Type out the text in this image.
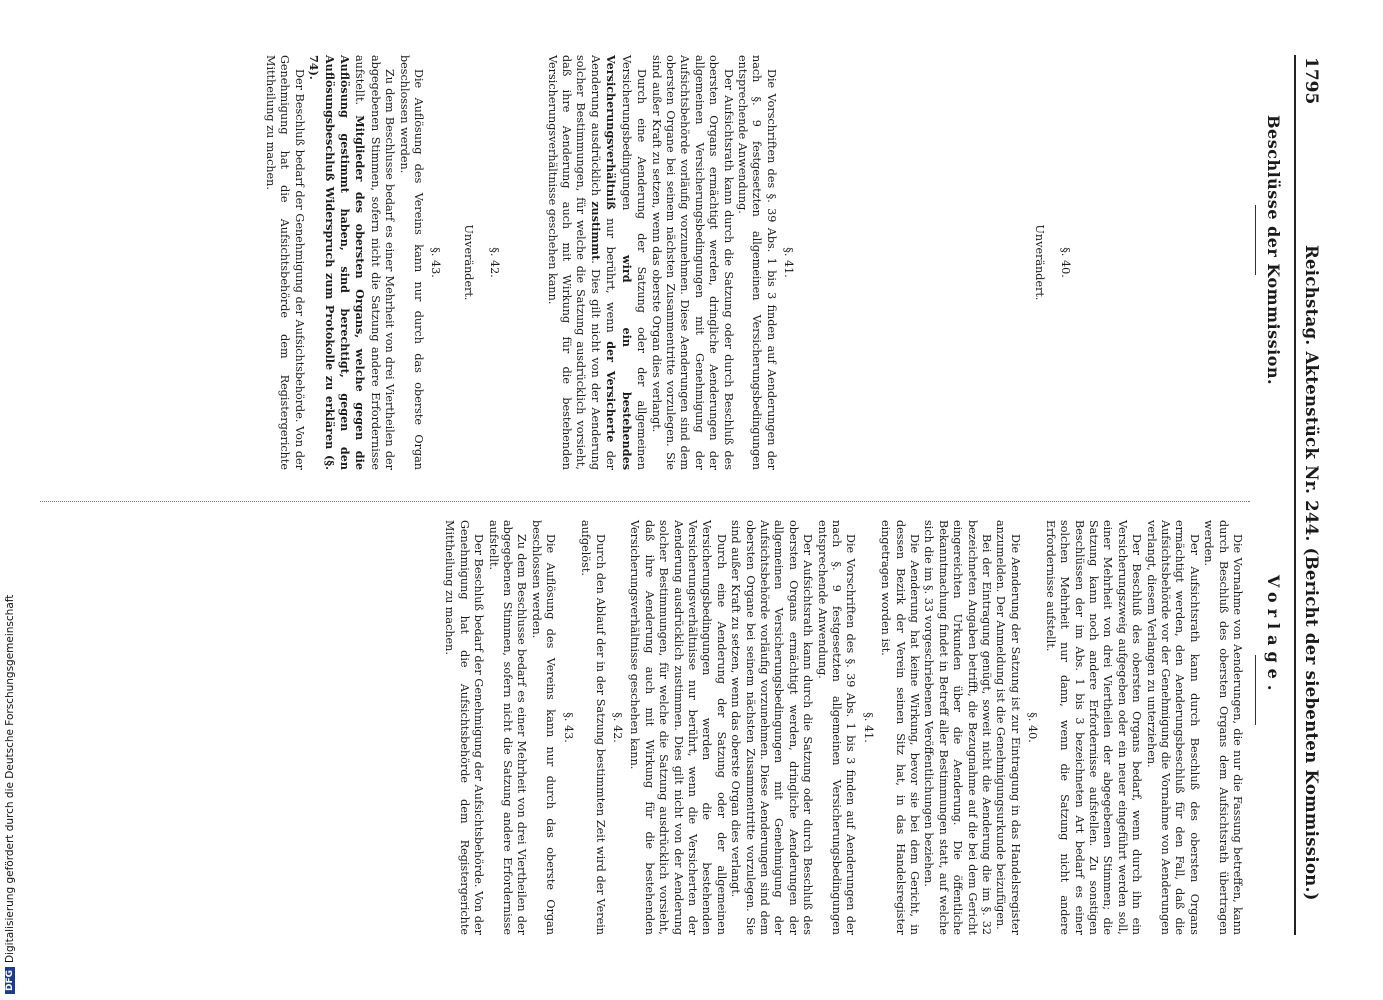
1795
Reichstag. Aktenstück Nr. 244. (Bericht der siebenten Kommission.)
Beschlüsse der Kommission.
Vorlage.
§. 40.
Unverändert.
§. 41.

Die Vorschriften des §. 39 Abs. 1 bis 3 finden auf Aenderungen der nach §. 9 festgesetzten allgemeinen Versicherungsbedingungen entsprechende Anwendung.

Der Aufsichtsrath kann durch die Satzung oder durch Beschluß des obersten Organs ermächtigt werden, dringliche Aenderungen der allgemeinen Versicherungsbedingungen mit Genehmigung der Aufsichtsbehörde vorläufig vorzunehmen. Diese Aenderungen sind dem obersten Organe bei seinem nächsten Zusammentritte vorzulegen. Sie sind außer Kraft zu setzen, wenn das oberste Organ dies verlangt.

Durch eine Aenderung der Satzung oder der allgemeinen Versicherungsbedingungen wird ein bestehendes Versicherungsverhältniß nur berührt, wenn der Versicherte der Aenderung ausdrücklich zustimmt. Dies gilt nicht von der Aenderung solcher Bestimmungen, für welche die Satzung ausdrücklich vorsieht, daß ihre Aenderung auch mit Wirkung für die bestehenden Versicherungsverhältnisse geschehen kann.

§. 42.
Unverändert.
§. 43.

Die Auflösung des Vereins kann nur durch das oberste Organ beschlossen werden.

Zu dem Beschlusse bedarf es einer Mehrheit von drei Viertheilen der abgegebenen Stimmen, sofern nicht die Satzung andere Erfordernisse aufstellt. Mitglieder des obersten Organs, welche gegen die Auflösung gestimmt haben, sind berechtigt, gegen den Auflösungsbeschluß Widerspruch zum Protokolle zu erklären (§. 74).

Der Beschluß bedarf der Genehmigung der Aufsichtsbehörde. Von der Genehmigung hat die Aufsichtsbehörde dem Registergerichte Mittheilung zu machen.

Die Vornahme von Aenderungen, die nur die Fassung betreffen, kann durch Beschluß des obersten Organs dem Aufsichtsrath übertragen werden.

Der Aufsichtsrath kann durch Beschluß des obersten Organs ermächtigt werden, den Aenderungsbeschluß für den Fall, daß die Aufsichtsbehörde vor der Genehmigung die Vornahme von Aenderungen verlangt, diesem Verlangen zu unterziehen.

Der Beschluß des obersten Organs bedarf, wenn durch ihn ein Versicherungszweig aufgegeben oder ein neuer eingeführt werden soll, einer Mehrheit von drei Viertheilen der abgegebenen Stimmen; die Satzung kann noch andere Erfordernisse aufstellen. Zu sonstigen Beschlüssen der im Abs. 1 bis 3 bezeichneten Art bedarf es einer solchen Mehrheit nur dann, wenn die Satzung nicht andere Erfordernisse aufstellt.

§. 40.

Die Aenderung der Satzung ist zur Eintragung in das Handelsregister anzumelden. Der Anmeldung ist die Genehmigungsurkunde beizufügen.

Bei der Eintragung genügt, soweit nicht die Aenderung die im §. 32 bezeichneten Angaben betrifft, die Bezugnahme auf die bei dem Gericht eingereichten Urkunden über die Aenderung. Die öffentliche Bekanntmachung findet in Betreff aller Bestimmungen statt, auf welche sich die im §. 33 vorgeschriebenen Veröffentlichungen beziehen.

Die Aenderung hat keine Wirkung, bevor sie bei dem Gericht, in dessen Bezirk der Verein seinen Sitz hat, in das Handelsregister eingetragen worden ist.

§. 41.

Die Vorschriften des §. 39 Abs. 1 bis 3 finden auf Aenderungen der nach §. 9 festgesetzten allgemeinen Versicherungsbedingungen entsprechende Anwendung.

Der Aufsichtsrath kann durch die Satzung oder durch Beschluß des obersten Organs ermächtigt werden, dringliche Aenderungen der allgemeinen Versicherungsbedingungen mit Genehmigung der Aufsichtsbehörde vorläufig vorzunehmen. Diese Aenderungen sind dem obersten Organe bei seinem nächsten Zusammentritte vorzulegen. Sie sind außer Kraft zu setzen, wenn das oberste Organ dies verlangt.

Durch eine Aenderung der Satzung oder der allgemeinen Versicherungsbedingungen werden die bestehenden Versicherungsverhältnisse nur berührt, wenn die Versicherten der Aenderung ausdrücklich zustimmen. Dies gilt nicht von der Aenderung solcher Bestimmungen, für welche die Satzung ausdrücklich vorsieht, daß ihre Aenderung auch mit Wirkung für die bestehenden Versicherungsverhältnisse geschehen kann.

§. 42.

Durch den Ablauf der in der Satzung bestimmten Zeit wird der Verein aufgelöst.

§. 43.

Die Auflösung des Vereins kann nur durch das oberste Organ beschlossen werden.

Zu dem Beschlusse bedarf es einer Mehrheit von drei Viertheilen der abgegebenen Stimmen, sofern nicht die Satzung andere Erfordernisse aufstellt.

Der Beschluß bedarf der Genehmigung der Aufsichtsbehörde. Von der Genehmigung hat die Aufsichtsbehörde dem Registergerichte Mittheilung zu machen.

DFGDigitalisierung gefördert durch die Deutsche Forschungsgemeinschaft
